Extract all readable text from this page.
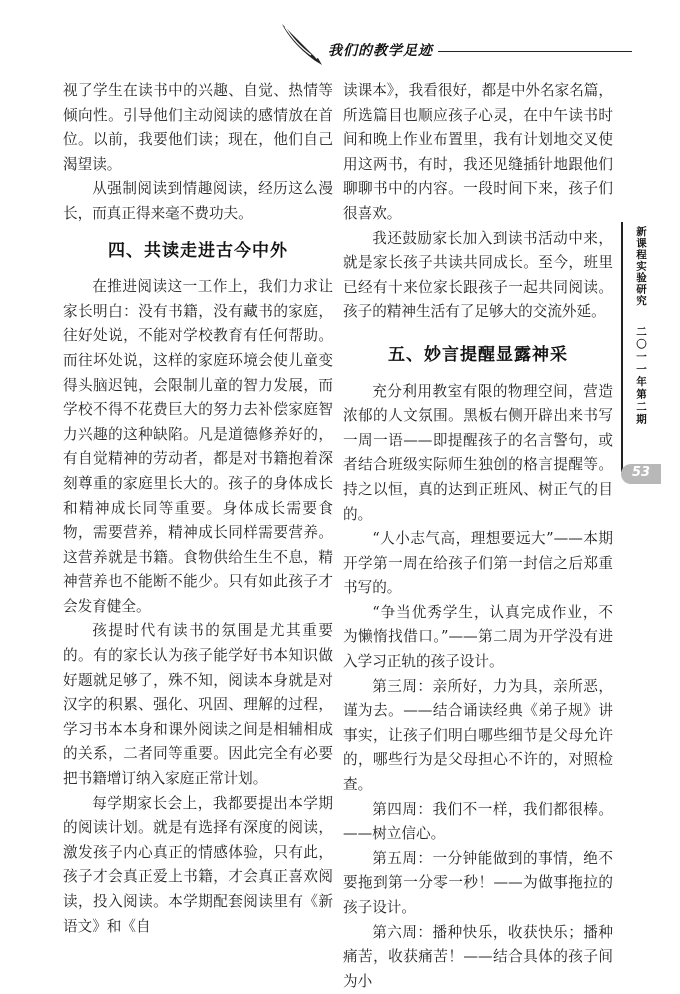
我们的教学足迹

视了学生在读书中的兴趣、自觉、热情等倾向性。引导他们主动阅读的感情放在首位。以前，我要他们读；现在，他们自己渴望读。

从强制阅读到情趣阅读，经历这么漫长，而真正得来毫不费功夫。

四、共读走进古今中外

在推进阅读这一工作上，我们力求让家长明白：没有书籍，没有藏书的家庭，往好处说，不能对学校教育有任何帮助。而往坏处说，这样的家庭环境会使儿童变得头脑迟钝，会限制儿童的智力发展，而学校不得不花费巨大的努力去补偿家庭智力兴趣的这种缺陷。凡是道德修养好的，有自觉精神的劳动者，都是对书籍抱着深刻尊重的家庭里长大的。孩子的身体成长和精神成长同等重要。身体成长需要食物，需要营养，精神成长同样需要营养。这营养就是书籍。食物供给生生不息，精神营养也不能断不能少。只有如此孩子才会发育健全。

孩提时代有读书的氛围是尤其重要的。有的家长认为孩子能学好书本知识做好题就足够了，殊不知，阅读本身就是对汉字的积累、强化、巩固、理解的过程，学习书本本身和课外阅读之间是相辅相成的关系，二者同等重要。因此完全有必要把书籍增订纳入家庭正常计划。

每学期家长会上，我都要提出本学期的阅读计划。就是有选择有深度的阅读，激发孩子内心真正的情感体验，只有此，孩子才会真正爱上书籍，才会真正喜欢阅读，投入阅读。本学期配套阅读里有《新语文》和《自

读课本》，我看很好，都是中外名家名篇，所选篇目也顺应孩子心灵，在中午读书时间和晚上作业布置里，我有计划地交叉使用这两书，有时，我还见缝插针地跟他们聊聊书中的内容。一段时间下来，孩子们很喜欢。

我还鼓励家长加入到读书活动中来，就是家长孩子共读共同成长。至今，班里已经有十来位家长跟孩子一起共同阅读。孩子的精神生活有了足够大的交流外延。

五、妙言提醒显露神采

充分利用教室有限的物理空间，营造浓郁的人文氛围。黑板右侧开辟出来书写一周一语——即提醒孩子的名言警句，或者结合班级实际师生独创的格言提醒等。持之以恒，真的达到正班风、树正气的目的。

“人小志气高，理想要远大”——本期开学第一周在给孩子们第一封信之后郑重书写的。

“争当优秀学生，认真完成作业，不为懒惰找借口。”——第二周为开学没有进入学习正轨的孩子设计。

第三周：亲所好，力为具，亲所恶，谨为去。——结合诵读经典《弟子规》讲事实，让孩子们明白哪些细节是父母允许的，哪些行为是父母担心不许的，对照检查。

第四周：我们不一样，我们都很棒。——树立信心。

第五周：一分钟能做到的事情，绝不要拖到第一分零一秒！——为做事拖拉的孩子设计。

第六周：播种快乐，收获快乐；播种痛苦，收获痛苦！——结合具体的孩子间为小

新课程实验研究
二〇一一年第二期
53
